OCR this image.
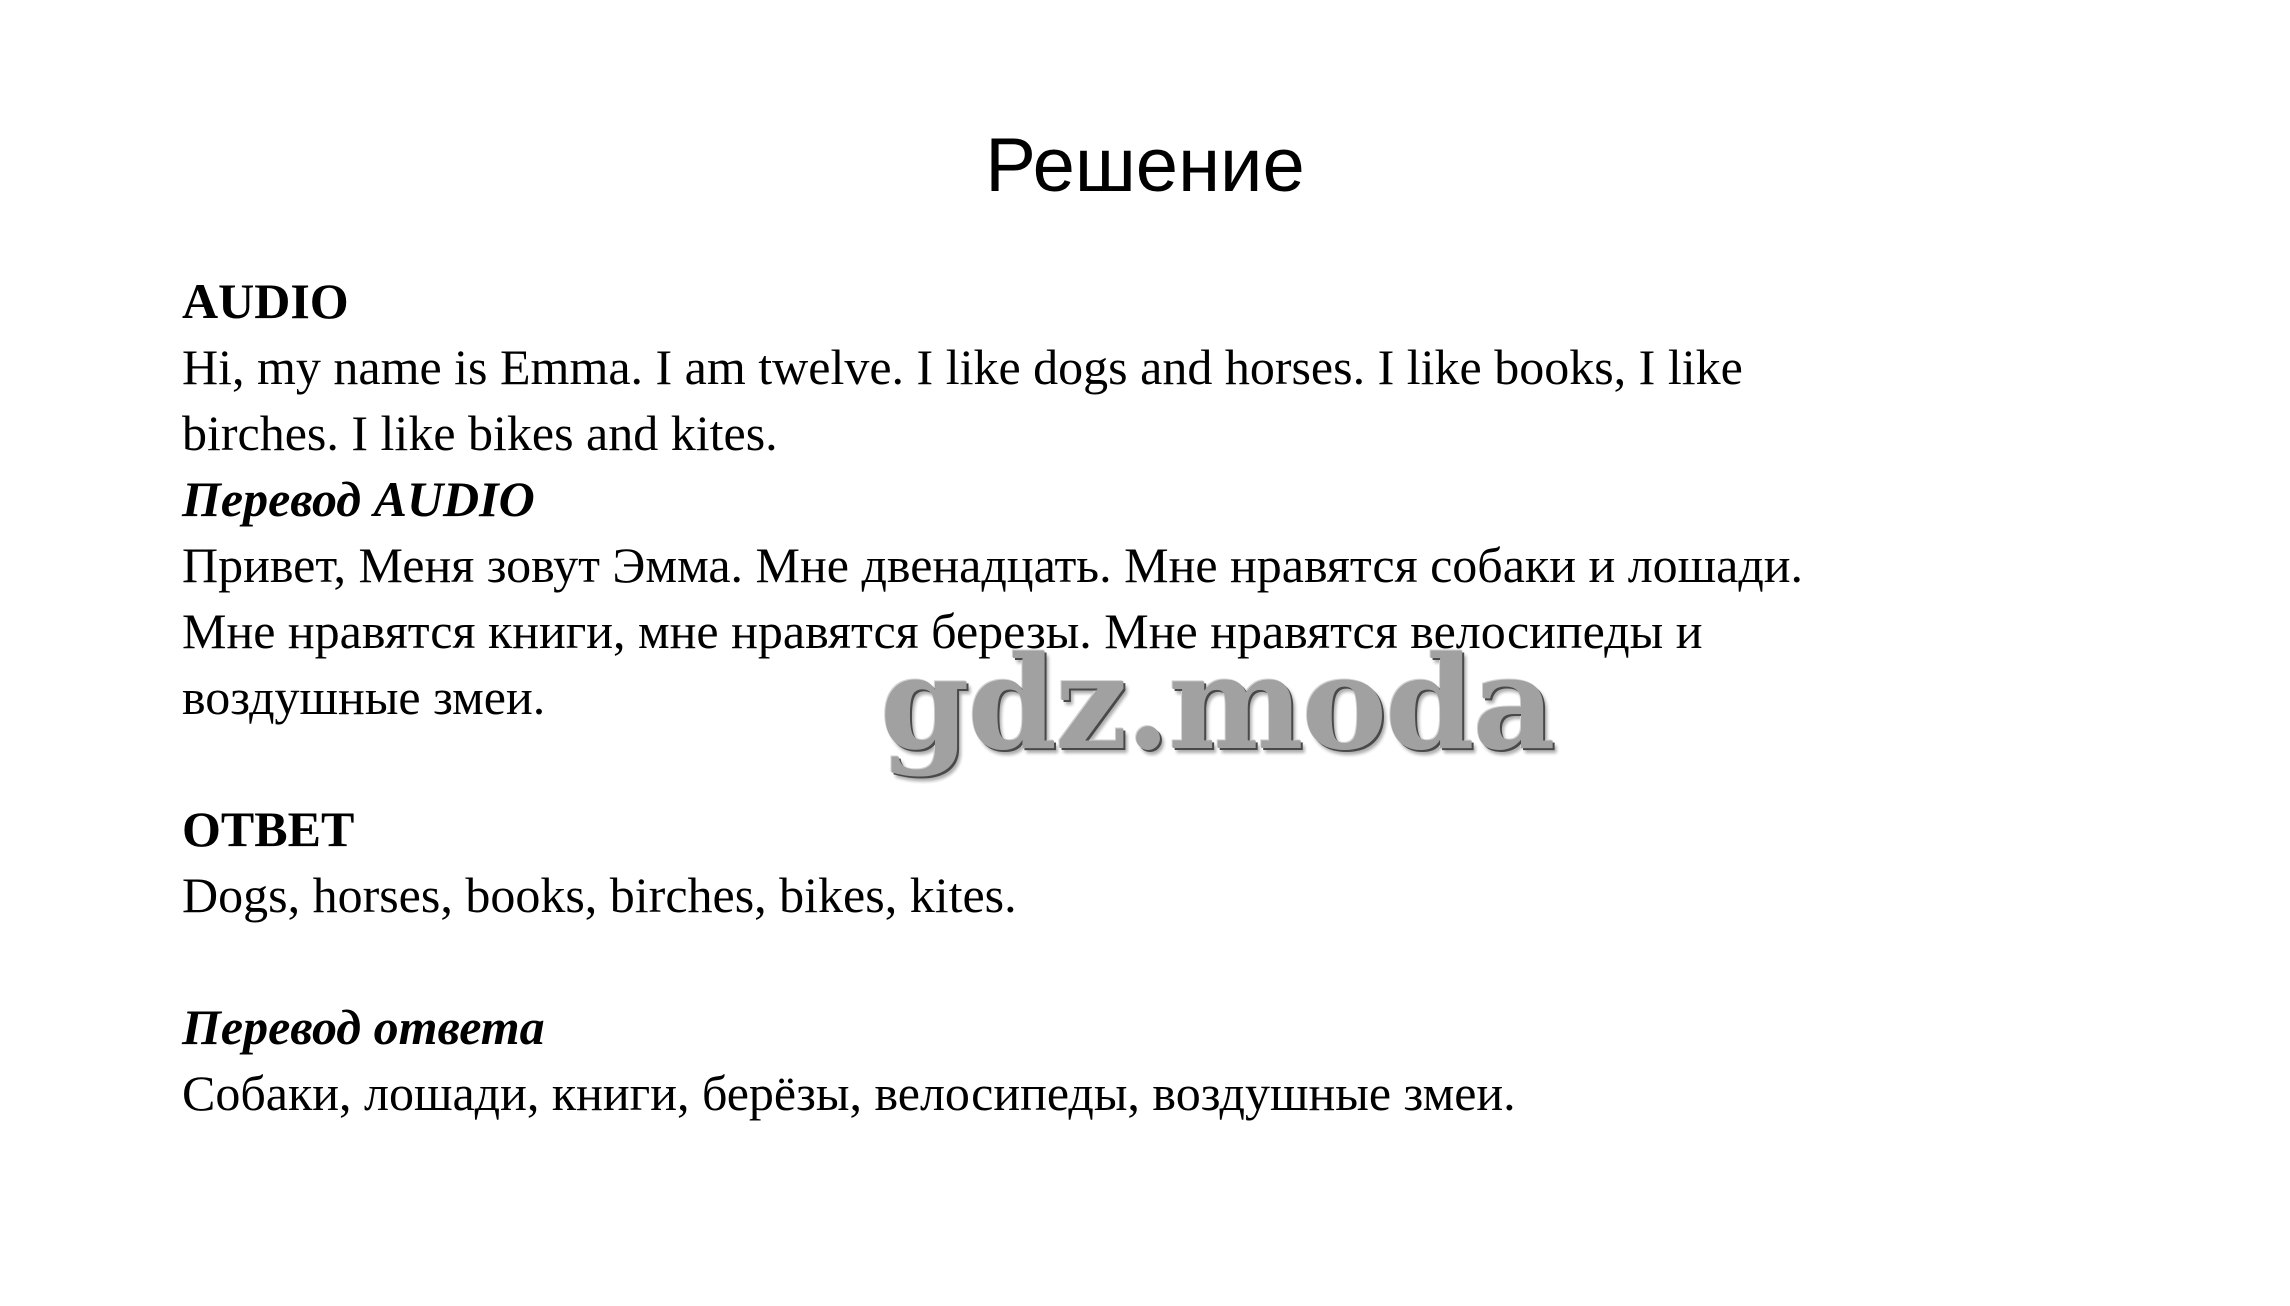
Решение
AUDIO
Hi, my name is Emma. I am twelve. I like dogs and horses. I like books, I like
birches. I like bikes and kites.
Перевод AUDIO
Привет, Меня зовут Эмма. Мне двенадцать. Мне нравятся собаки и лошади.
Мне нравятся книги, мне нравятся березы. Мне нравятся велосипеды и
воздушные змеи.
ОТВЕТ
Dogs, horses, books, birches, bikes, kites.
Перевод ответа
Собаки, лошади, книги, берёзы, велосипеды, воздушные змеи.
gdz.moda
